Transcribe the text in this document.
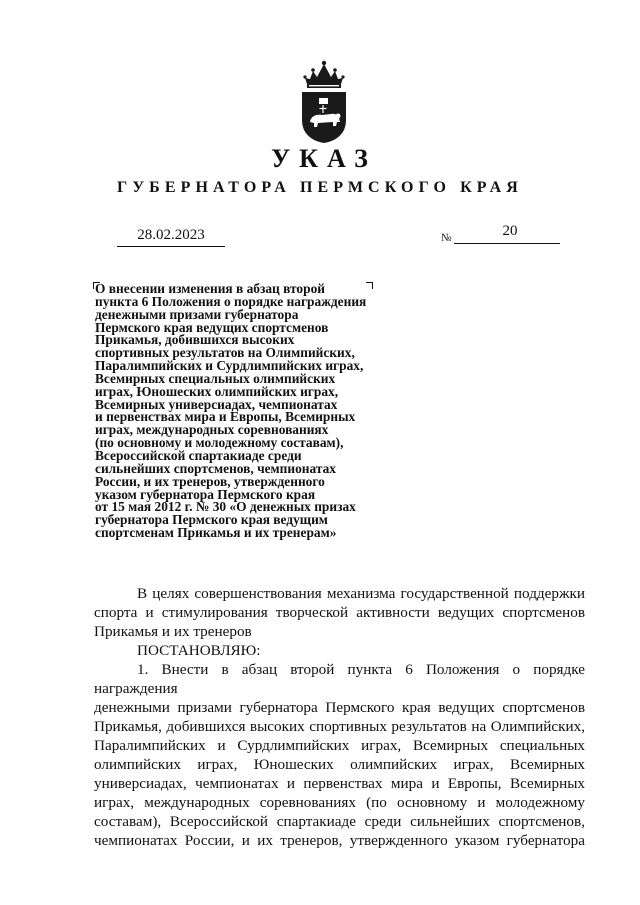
УКАЗ
ГУБЕРНАТОРА ПЕРМСКОГО КРАЯ
28.02.2023	№	20
О внесении изменения в абзац второй
пункта 6 Положения о порядке награждения
денежными призами губернатора
Пермского края ведущих спортсменов
Прикамья, добившихся высоких
спортивных результатов на Олимпийских,
Паралимпийских и Сурдлимпийских играх,
Всемирных специальных олимпийских
играх, Юношеских олимпийских играх,
Всемирных универсиадах, чемпионатах
и первенствах мира и Европы, Всемирных
играх, международных соревнованиях
(по основному и молодежному составам),
Всероссийской спартакиаде среди
сильнейших спортсменов, чемпионатах
России, и их тренеров, утвержденного
указом губернатора Пермского края
от 15 мая 2012 г. № 30 «О денежных призах
губернатора Пермского края ведущим
спортсменам Прикамья и их тренерам»

В целях совершенствования механизма государственной поддержки

спорта и стимулирования творческой активности ведущих спортсменов

Прикамья и их тренеров

ПОСТАНОВЛЯЮ:

1. Внести в абзац второй пункта 6 Положения о порядке награждения

денежными призами губернатора Пермского края ведущих спортсменов

Прикамья, добившихся высоких спортивных результатов на Олимпийских,

Паралимпийских и Сурдлимпийских играх, Всемирных специальных

олимпийских играх, Юношеских олимпийских играх, Всемирных

универсиадах, чемпионатах и первенствах мира и Европы, Всемирных

играх, международных соревнованиях (по основному и молодежному

составам), Всероссийской спартакиаде среди сильнейших спортсменов,

чемпионатах России, и их тренеров, утвержденного указом губернатора
